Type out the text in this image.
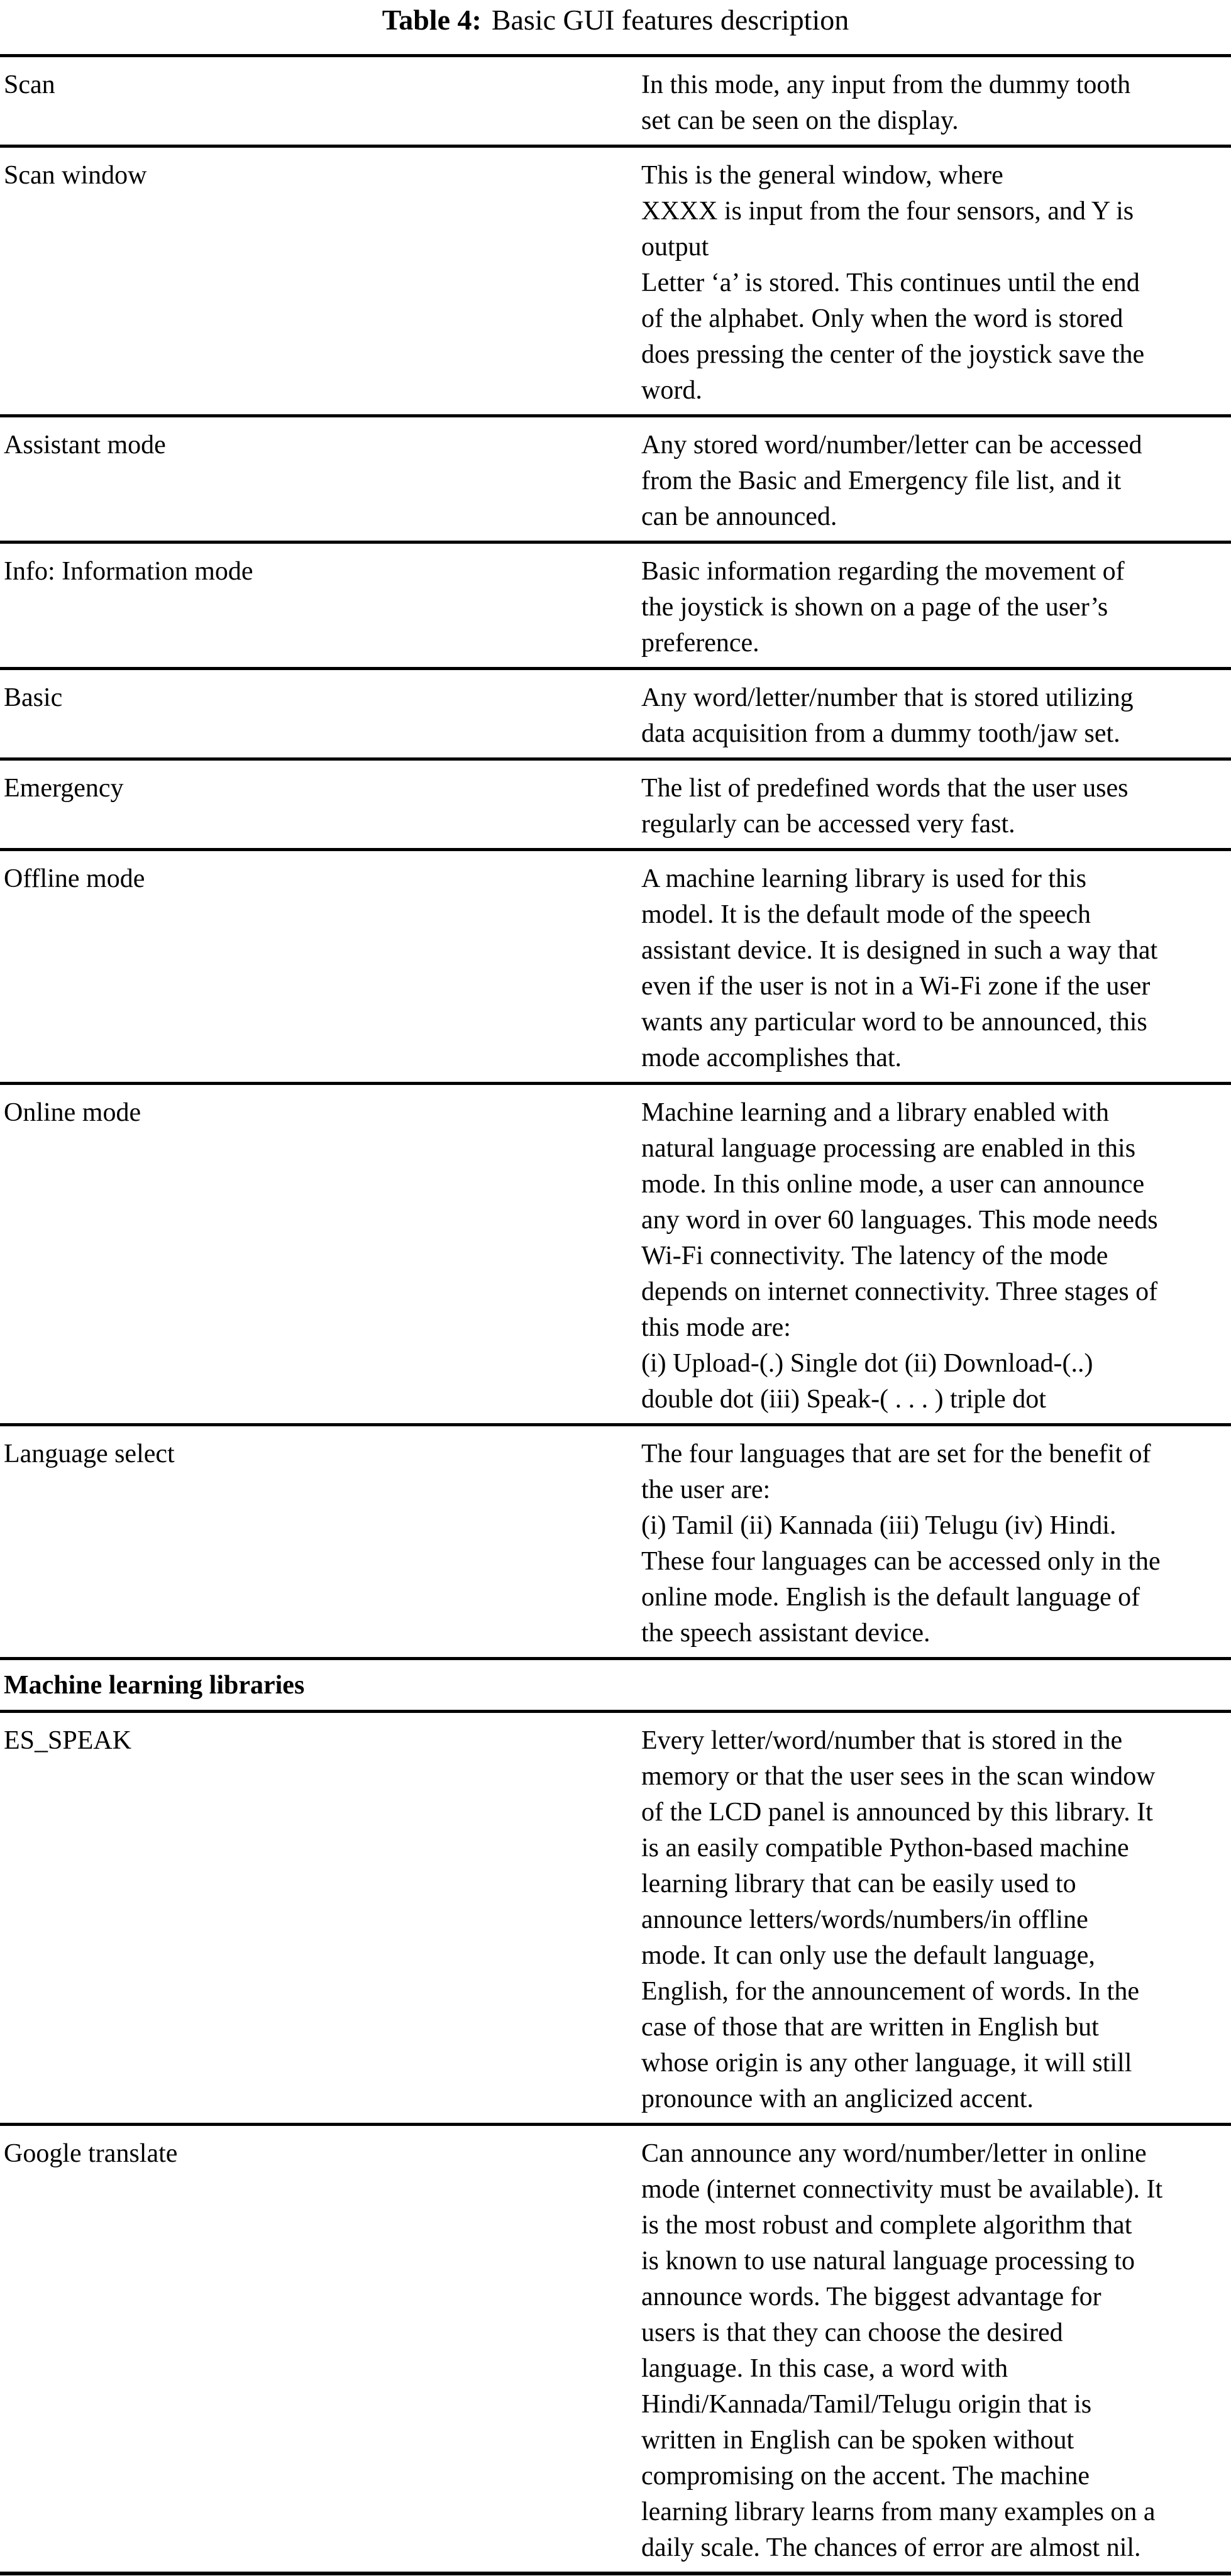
Table 4: Basic GUI features description
Scan	In this mode, any input from the dummy tooth
set can be seen on the display.
Scan window	This is the general window, where
XXXX is input from the four sensors, and Y is
output
Letter ‘a’ is stored. This continues until the end
of the alphabet. Only when the word is stored
does pressing the center of the joystick save the
word.
Assistant mode	Any stored word/number/letter can be accessed
from the Basic and Emergency file list, and it
can be announced.
Info: Information mode	Basic information regarding the movement of
the joystick is shown on a page of the user’s
preference.
Basic	Any word/letter/number that is stored utilizing
data acquisition from a dummy tooth/jaw set.
Emergency	The list of predefined words that the user uses
regularly can be accessed very fast.
Offline mode	A machine learning library is used for this
model. It is the default mode of the speech
assistant device. It is designed in such a way that
even if the user is not in a Wi-Fi zone if the user
wants any particular word to be announced, this
mode accomplishes that.
Online mode	Machine learning and a library enabled with
natural language processing are enabled in this
mode. In this online mode, a user can announce
any word in over 60 languages. This mode needs
Wi-Fi connectivity. The latency of the mode
depends on internet connectivity. Three stages of
this mode are:
(i) Upload-(.) Single dot (ii) Download-(..)
double dot (iii) Speak-( . . . ) triple dot
Language select	The four languages that are set for the benefit of
the user are:
(i) Tamil (ii) Kannada (iii) Telugu (iv) Hindi.
These four languages can be accessed only in the
online mode. English is the default language of
the speech assistant device.
Machine learning libraries
ES_SPEAK	Every letter/word/number that is stored in the
memory or that the user sees in the scan window
of the LCD panel is announced by this library. It
is an easily compatible Python-based machine
learning library that can be easily used to
announce letters/words/numbers/in offline
mode. It can only use the default language,
English, for the announcement of words. In the
case of those that are written in English but
whose origin is any other language, it will still
pronounce with an anglicized accent.
Google translate	Can announce any word/number/letter in online
mode (internet connectivity must be available). It
is the most robust and complete algorithm that
is known to use natural language processing to
announce words. The biggest advantage for
users is that they can choose the desired
language. In this case, a word with
Hindi/Kannada/Tamil/Telugu origin that is
written in English can be spoken without
compromising on the accent. The machine
learning library learns from many examples on a
daily scale. The chances of error are almost nil.
